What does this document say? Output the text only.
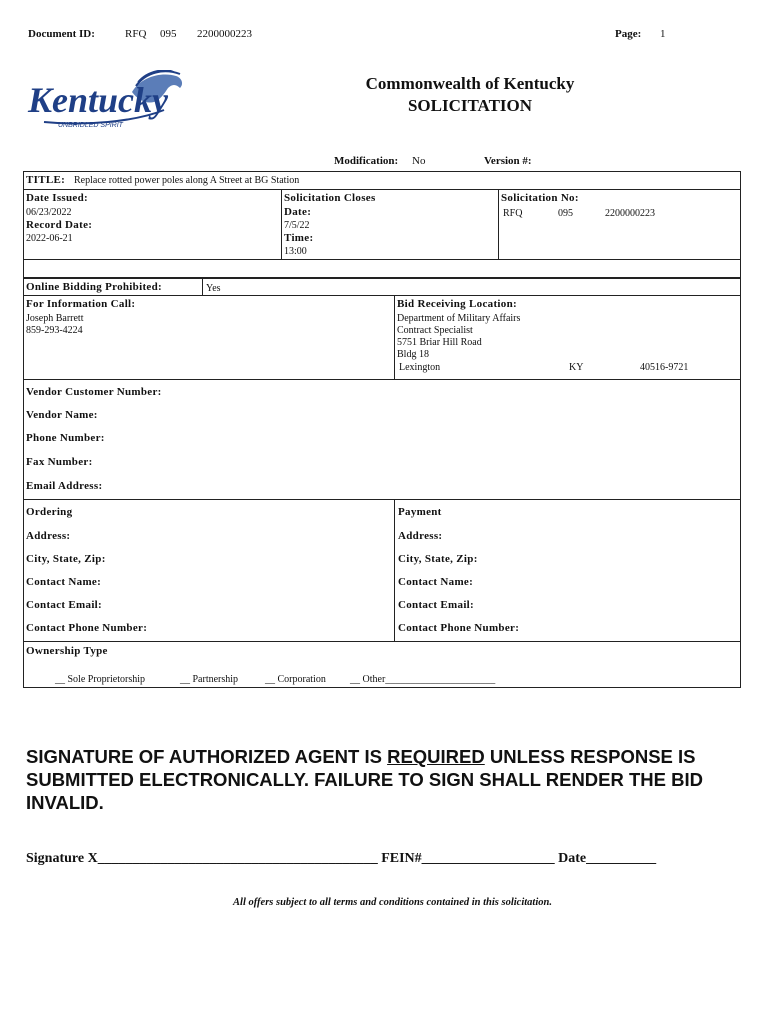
Document ID:	RFQ 095 2200000223	Page: 1
Kentucky
UNBRIDLED SPIRIT
Commonwealth of Kentucky
SOLICITATION
Modification: No	Version #:
TITLE: Replace rotted power poles along A Street at BG Station
Date Issued:
06/23/2022
Record Date:
2022-06-21
Solicitation Closes
Date:
7/5/22
Time:
13:00
Solicitation No:
RFQ	095	2200000223
Online Bidding Prohibited:	Yes
For Information Call:
Joseph Barrett
859-293-4224
Bid Receiving Location:
Department of Military Affairs
Contract Specialist
5751 Briar Hill Road
Bldg 18
Lexington	KY	40516-9721
Vendor Customer Number:
Vendor Name:
Phone Number:
Fax Number:
Email Address:
Ordering
Address:
City, State, Zip:
Contact Name:
Contact Email:
Contact Phone Number:
Payment
Address:
City, State, Zip:
Contact Name:
Contact Email:
Contact Phone Number:
Ownership Type
__ Sole Proprietorship	__ Partnership	__ Corporation __ Other______________________
SIGNATURE OF AUTHORIZED AGENT IS REQUIRED UNLESS RESPONSE IS SUBMITTED ELECTRONICALLY. FAILURE TO SIGN SHALL RENDER THE BID INVALID.
Signature X________________________________________ FEIN#___________________ Date__________
All offers subject to all terms and conditions contained in this solicitation.
